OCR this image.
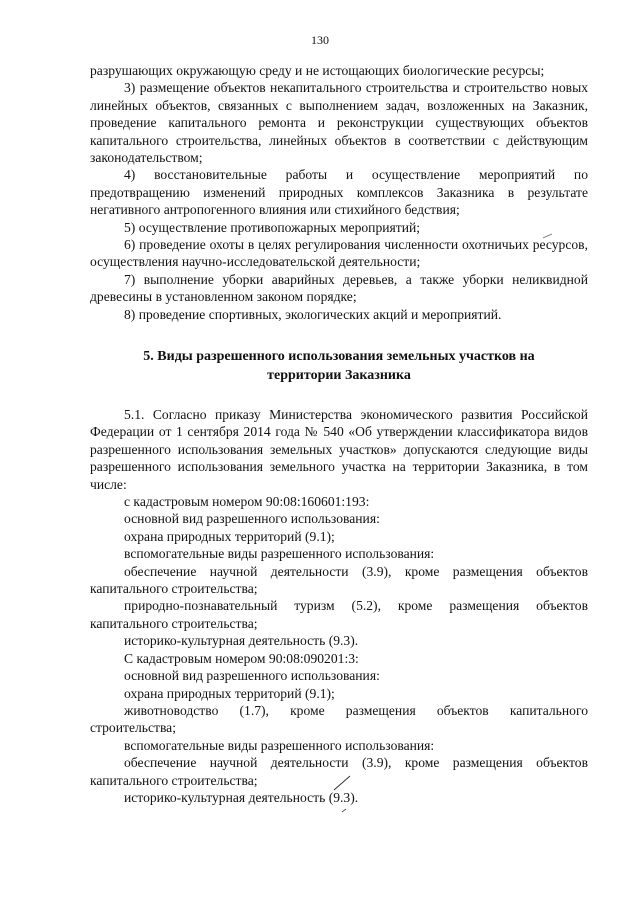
130

разрушающих окружающую среду и не истощающих биологические ресурсы;

3) размещение объектов некапитального строительства и строительство новых линейных объектов, связанных с выполнением задач, возложенных на Заказник, проведение капитального ремонта и реконструкции существующих объектов капитального строительства, линейных объектов в соответствии с действующим законодательством;

4) восстановительные работы и осуществление мероприятий по предотвращению изменений природных комплексов Заказника в результате негативного антропогенного влияния или стихийного бедствия;

5) осуществление противопожарных мероприятий;

6) проведение охоты в целях регулирования численности охотничьих ресурсов, осуществления научно-исследовательской деятельности;

7) выполнение уборки аварийных деревьев, а также уборки неликвидной древесины в установленном законом порядке;

8) проведение спортивных, экологических акций и мероприятий.

5. Виды разрешенного использования земельных участков на
территории Заказника

5.1. Согласно приказу Министерства экономического развития Российской Федерации от 1 сентября 2014 года № 540 «Об утверждении классификатора видов разрешенного использования земельных участков» допускаются следующие виды разрешенного использования земельного участка на территории Заказника, в том числе:

с кадастровым номером 90:08:160601:193:

основной вид разрешенного использования:

охрана природных территорий (9.1);

вспомогательные виды разрешенного использования:

обеспечение научной деятельности (3.9), кроме размещения объектов капитального строительства;

природно-познавательный туризм (5.2), кроме размещения объектов капитального строительства;

историко-культурная деятельность (9.3).

С кадастровым номером 90:08:090201:3:

основной вид разрешенного использования:

охрана природных территорий (9.1);

животноводство (1.7), кроме размещения объектов капитального строительства;

вспомогательные виды разрешенного использования:

обеспечение научной деятельности (3.9), кроме размещения объектов капитального строительства;

историко-культурная деятельность (9.3).
